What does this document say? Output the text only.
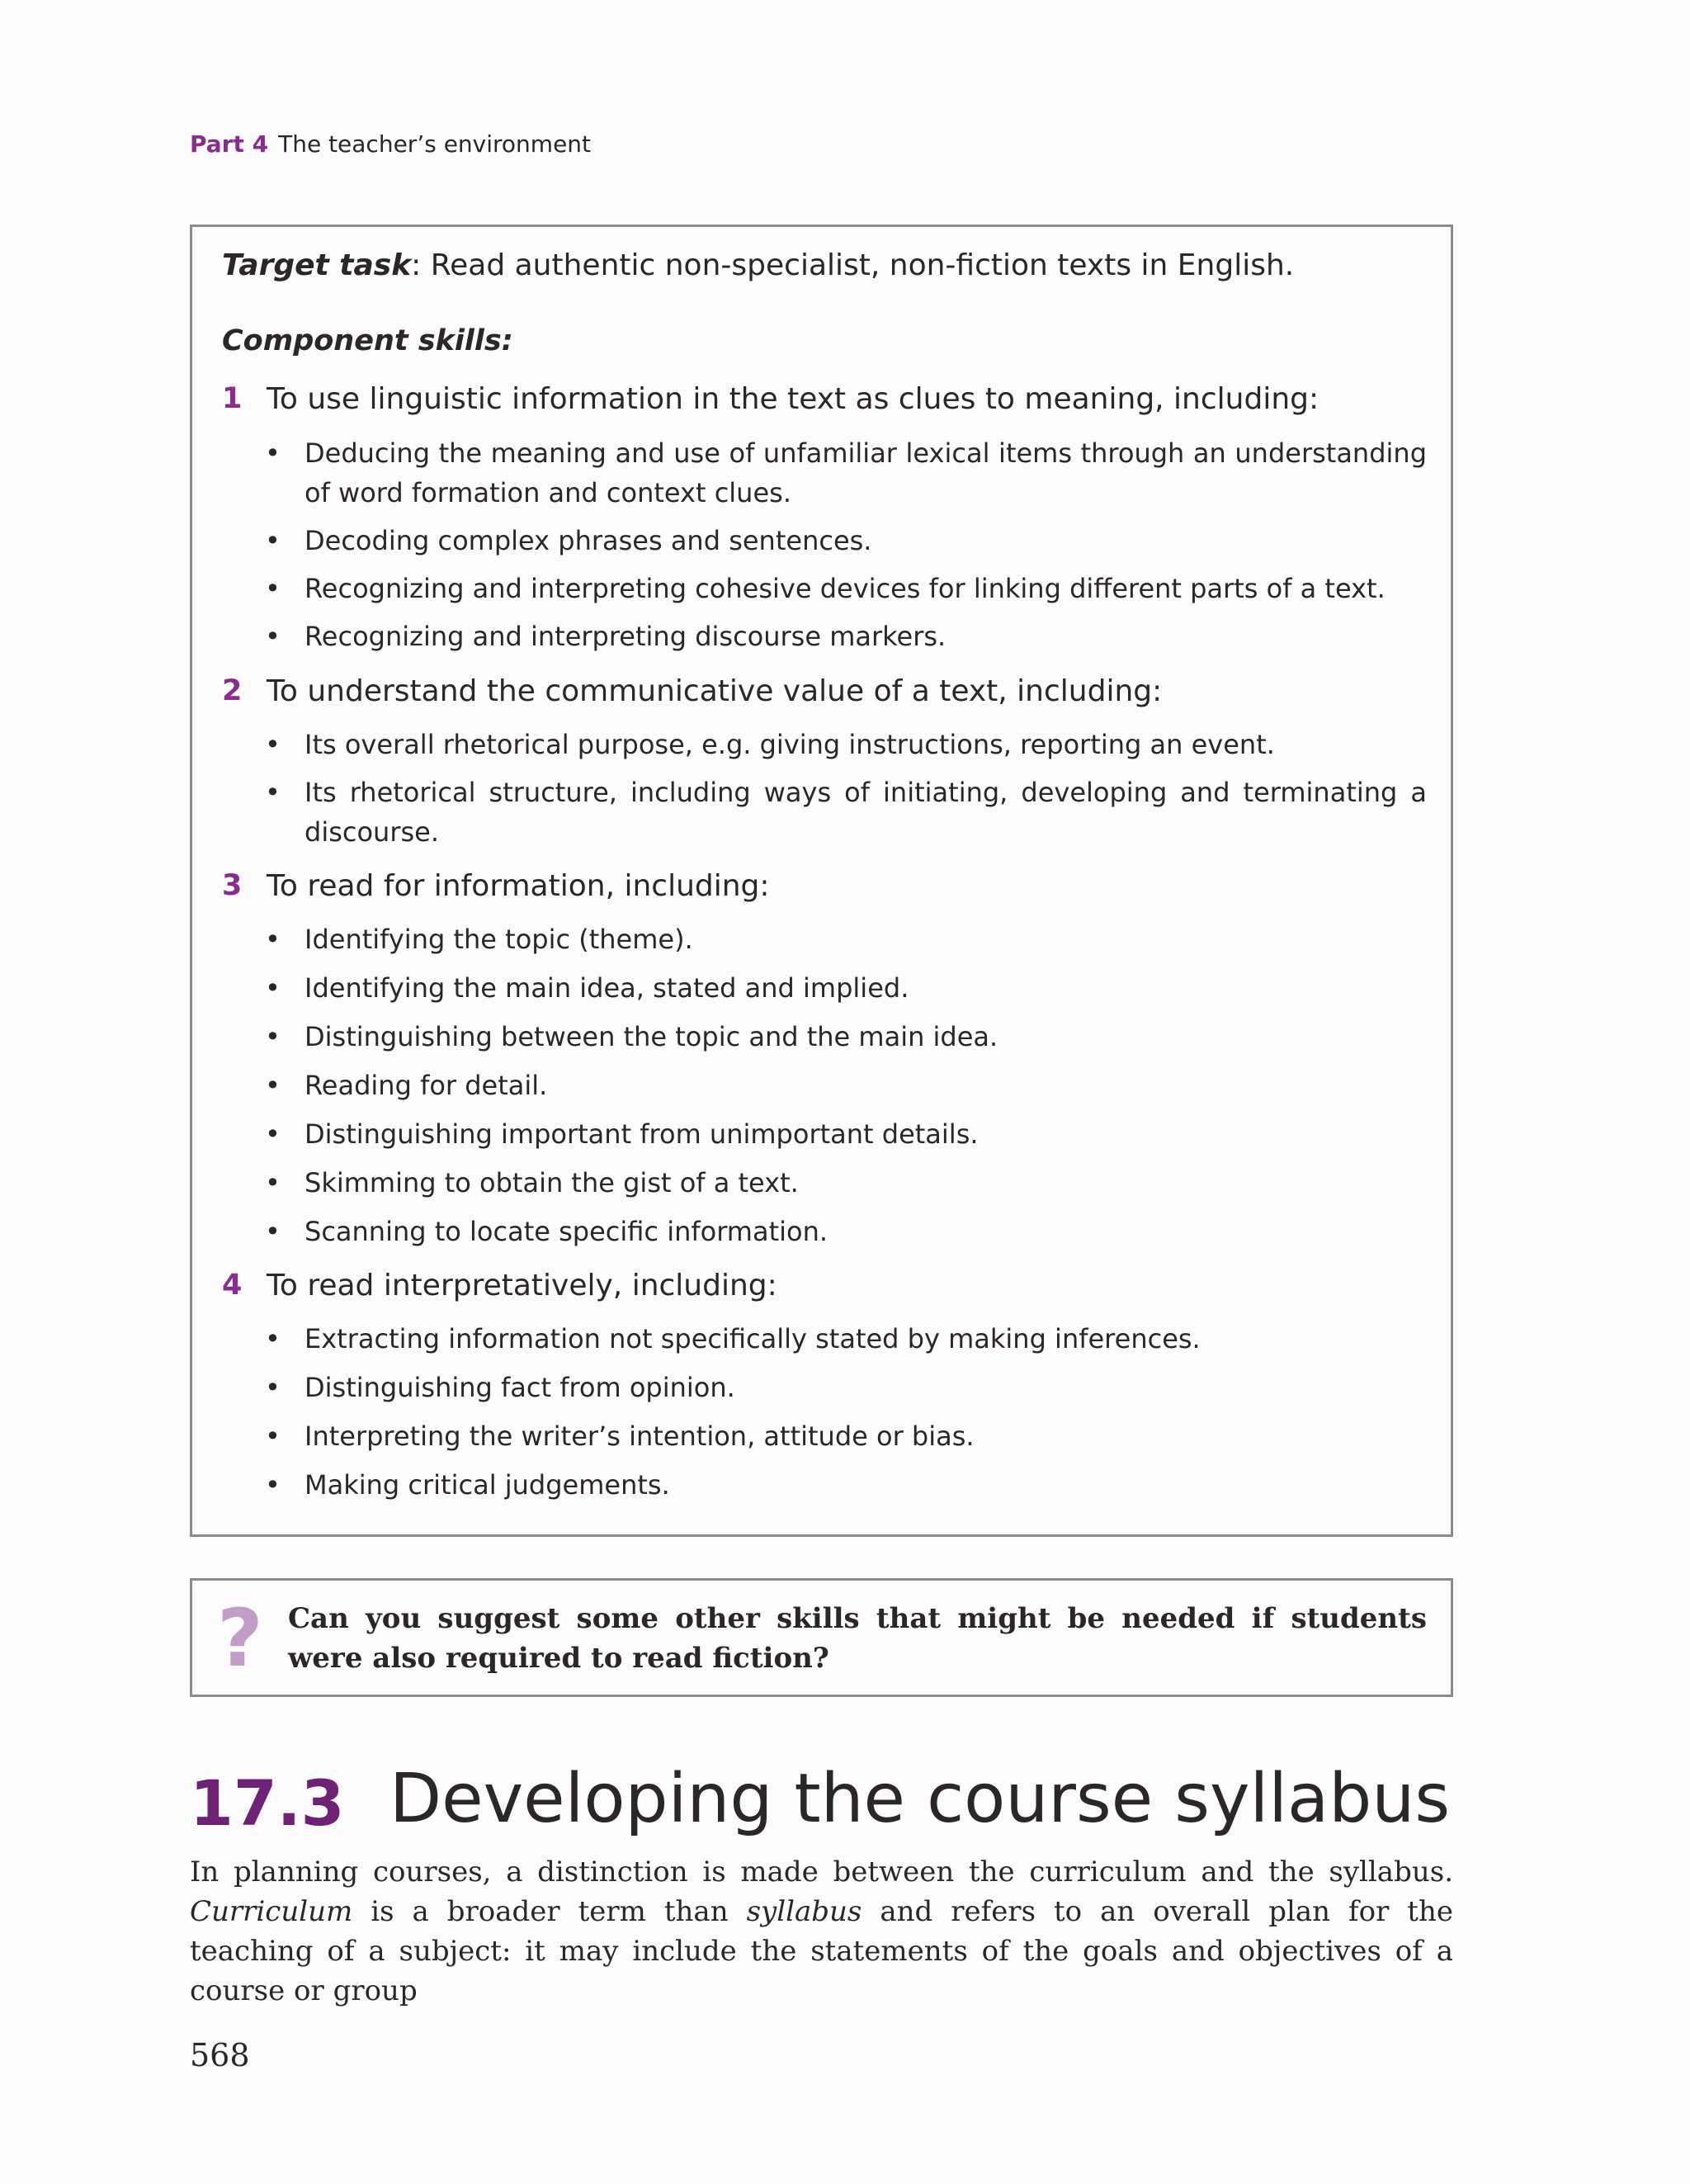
Part 4 The teacher’s environment
Target task: Read authentic non-specialist, non-fiction texts in English.
Component skills:
1 To use linguistic information in the text as clues to meaning, including:
• Deducing the meaning and use of unfamiliar lexical items through an understanding of word formation and context clues.
• Decoding complex phrases and sentences.
• Recognizing and interpreting cohesive devices for linking different parts of a text.
• Recognizing and interpreting discourse markers.
2 To understand the communicative value of a text, including:
• Its overall rhetorical purpose, e.g. giving instructions, reporting an event.
• Its rhetorical structure, including ways of initiating, developing and terminating a discourse.
3 To read for information, including:
• Identifying the topic (theme).
• Identifying the main idea, stated and implied.
• Distinguishing between the topic and the main idea.
• Reading for detail.
• Distinguishing important from unimportant details.
• Skimming to obtain the gist of a text.
• Scanning to locate specific information.
4 To read interpretatively, including:
• Extracting information not specifically stated by making inferences.
• Distinguishing fact from opinion.
• Interpreting the writer’s intention, attitude or bias.
• Making critical judgements.
? Can you suggest some other skills that might be needed if students were also required to read fiction?
17.3 Developing the course syllabus
In planning courses, a distinction is made between the curriculum and the syllabus. Curriculum is a broader term than syllabus and refers to an overall plan for the teaching of a subject: it may include the statements of the goals and objectives of a course or group
568
